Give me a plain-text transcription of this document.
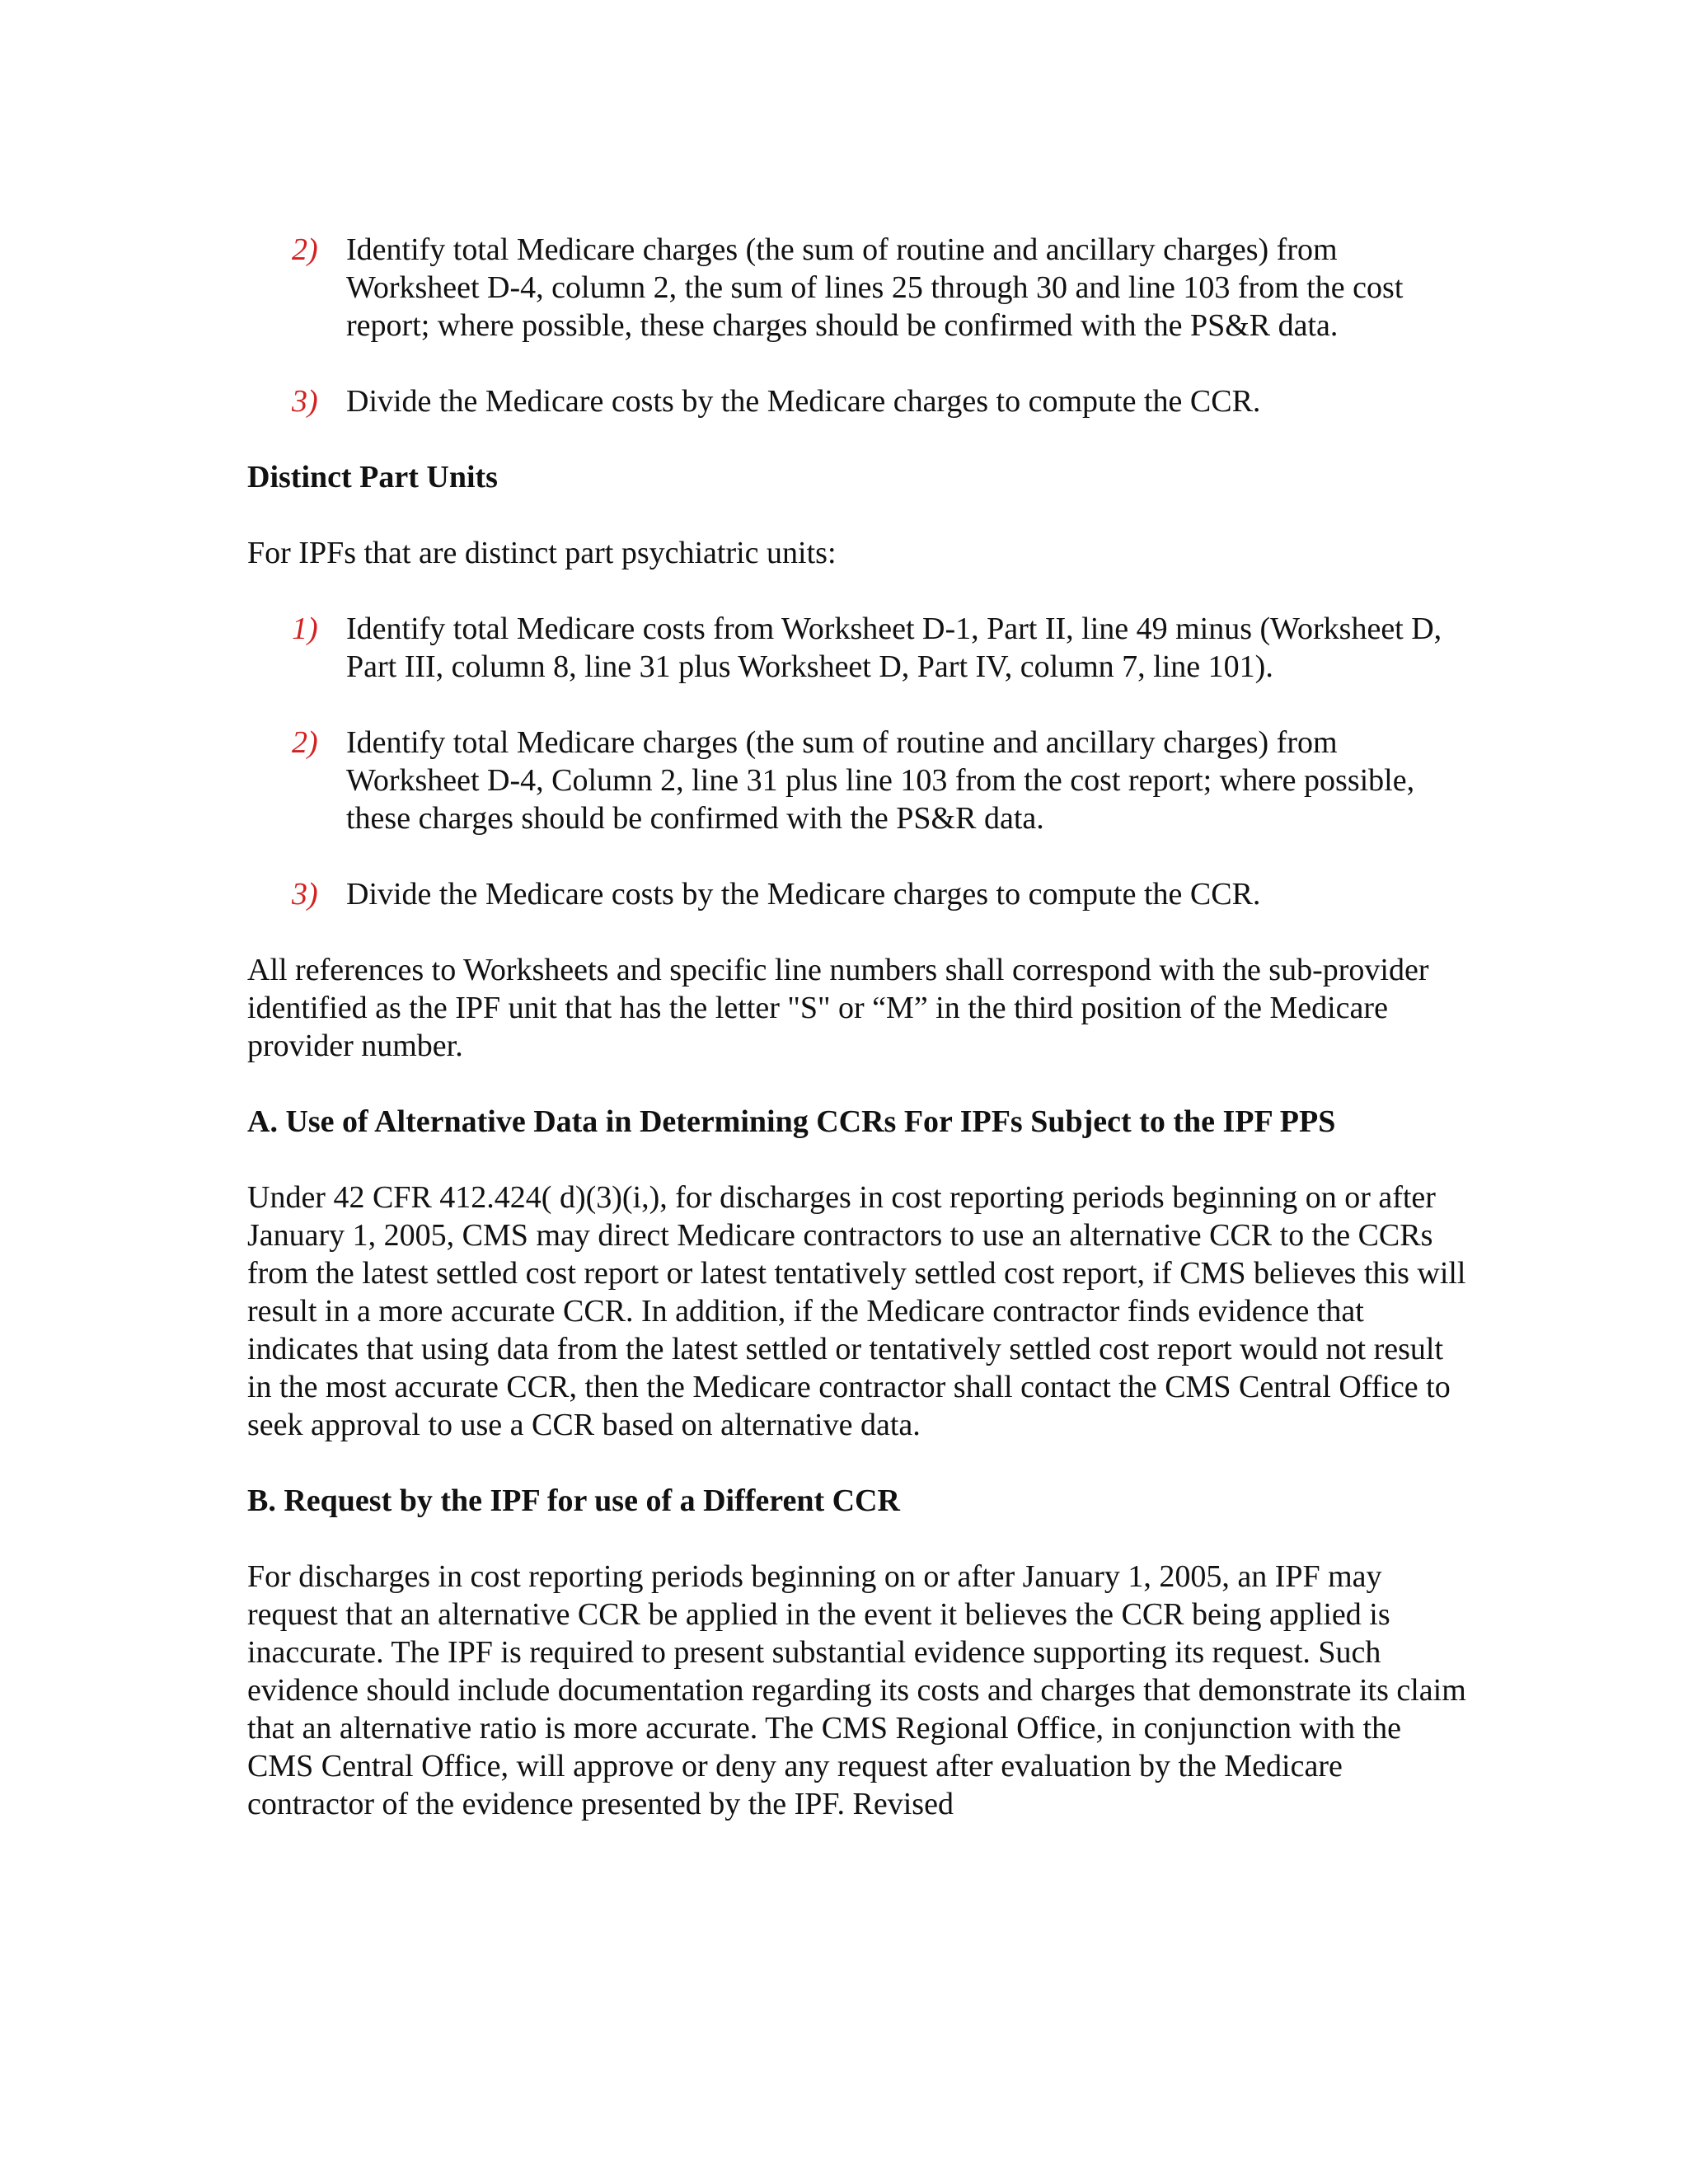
2) Identify total Medicare charges (the sum of routine and ancillary charges) from Worksheet D-4, column 2, the sum of lines 25 through 30 and line 103 from the cost report; where possible, these charges should be confirmed with the PS&R data.
3) Divide the Medicare costs by the Medicare charges to compute the CCR.
Distinct Part Units
For IPFs that are distinct part psychiatric units:
1) Identify total Medicare costs from Worksheet D-1, Part II, line 49 minus (Worksheet D, Part III, column 8, line 31 plus Worksheet D, Part IV, column 7, line 101).
2) Identify total Medicare charges (the sum of routine and ancillary charges) from Worksheet D-4, Column 2, line 31 plus line 103 from the cost report; where possible, these charges should be confirmed with the PS&R data.
3) Divide the Medicare costs by the Medicare charges to compute the CCR.
All references to Worksheets and specific line numbers shall correspond with the sub-provider identified as the IPF unit that has the letter "S" or “M” in the third position of the Medicare provider number.
A. Use of Alternative Data in Determining CCRs For IPFs Subject to the IPF PPS
Under 42 CFR 412.424( d)(3)(i,), for discharges in cost reporting periods beginning on or after January 1, 2005, CMS may direct Medicare contractors to use an alternative CCR to the CCRs from the latest settled cost report or latest tentatively settled cost report, if CMS believes this will result in a more accurate CCR. In addition, if the Medicare contractor finds evidence that indicates that using data from the latest settled or tentatively settled cost report would not result in the most accurate CCR, then the Medicare contractor shall contact the CMS Central Office to seek approval to use a CCR based on alternative data.
B. Request by the IPF for use of a Different CCR
For discharges in cost reporting periods beginning on or after January 1, 2005, an IPF may request that an alternative CCR be applied in the event it believes the CCR being applied is inaccurate. The IPF is required to present substantial evidence supporting its request. Such evidence should include documentation regarding its costs and charges that demonstrate its claim that an alternative ratio is more accurate. The CMS Regional Office, in conjunction with the CMS Central Office, will approve or deny any request after evaluation by the Medicare contractor of the evidence presented by the IPF. Revised
